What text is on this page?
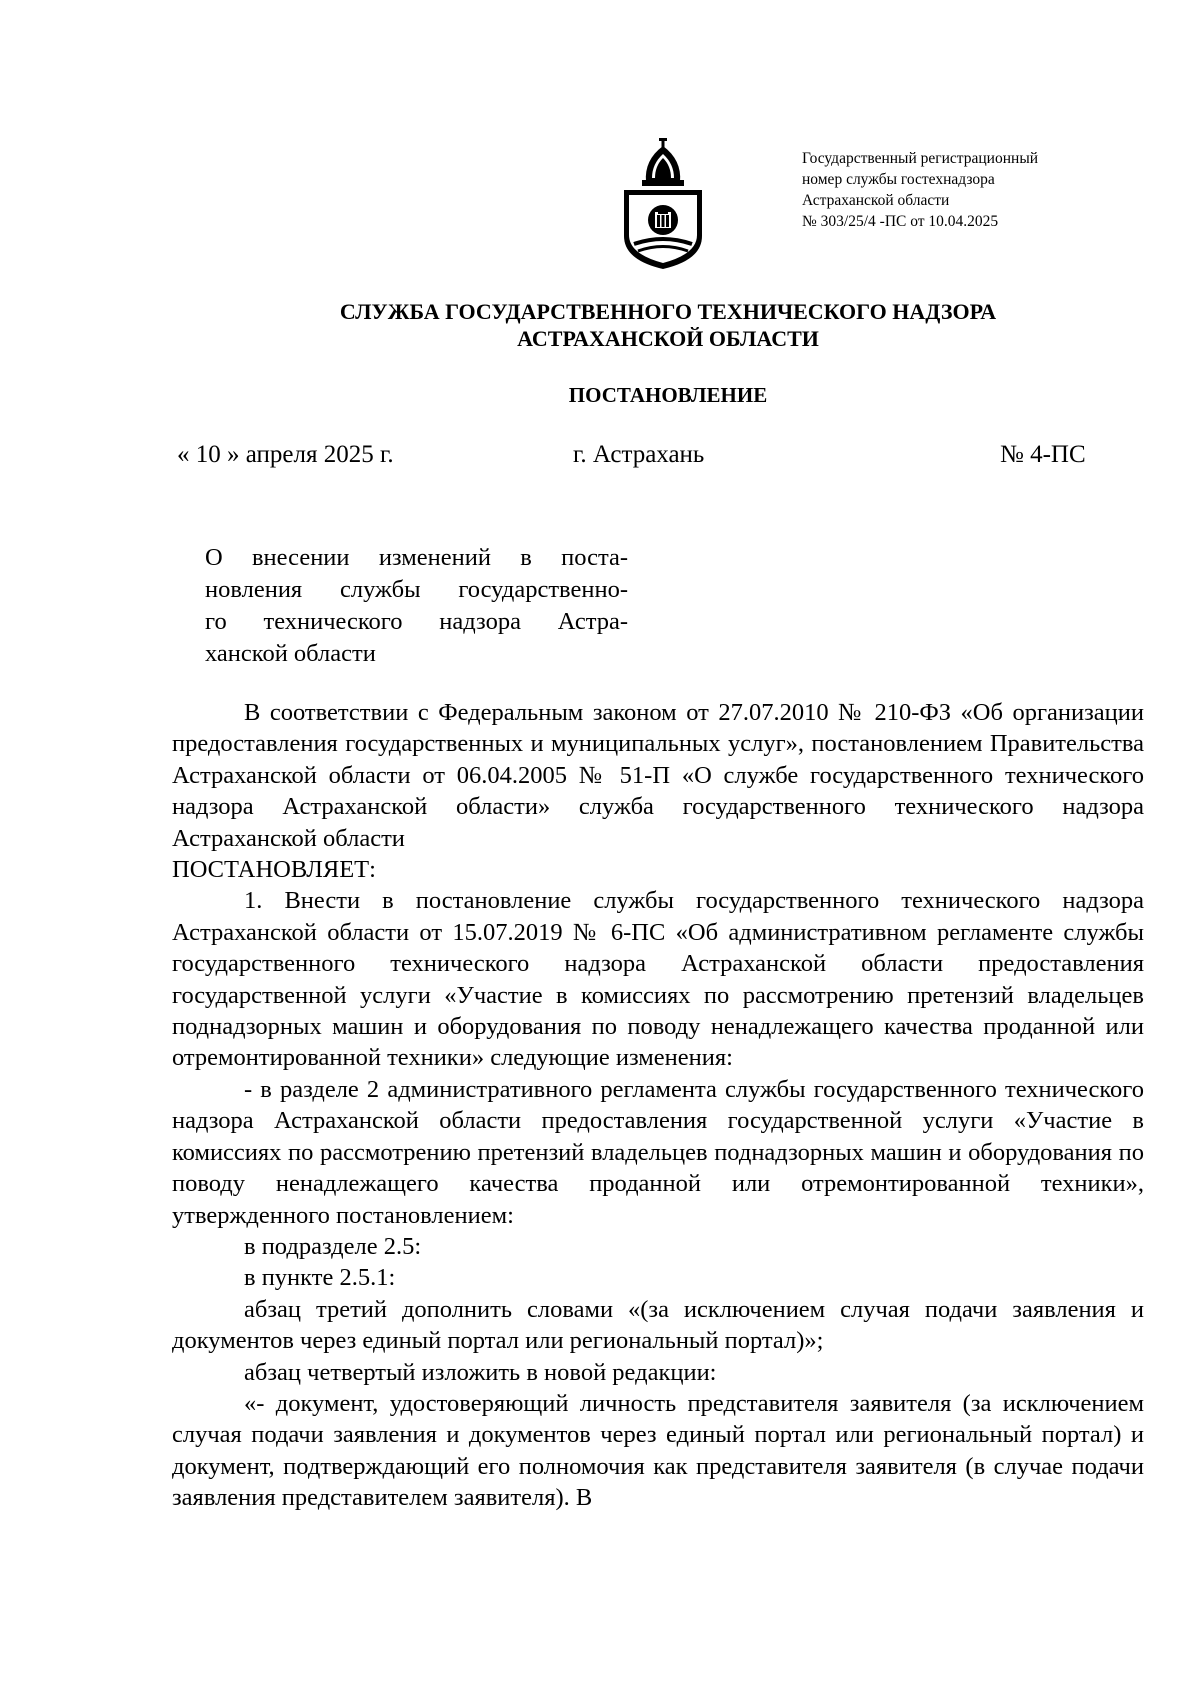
Государственный регистрационный
номер службы гостехнадзора
Астраханской области
№ 303/25/4 -ПС от 10.04.2025
СЛУЖБА ГОСУДАРСТВЕННОГО ТЕХНИЧЕСКОГО НАДЗОРА
АСТРАХАНСКОЙ ОБЛАСТИ
ПОСТАНОВЛЕНИЕ
« 10 » апреля 2025 г.	г. Астрахань	№ 4-ПС
О внесении изменений в поста-
новления службы государственно-
го технического надзора Астра-
ханской области
В соответствии с Федеральным законом от 27.07.2010 № 210-ФЗ «Об организации предоставления государственных и муниципальных услуг», постановлением Правительства Астраханской области от 06.04.2005 № 51-П «О службе государственного технического надзора Астраханской области» служба государственного технического надзора Астраханской области
ПОСТАНОВЛЯЕТ:
1. Внести в постановление службы государственного технического надзора Астраханской области от 15.07.2019 № 6-ПС «Об административном регламенте службы государственного технического надзора Астраханской области предоставления государственной услуги «Участие в комиссиях по рассмотрению претензий владельцев поднадзорных машин и оборудования по поводу ненадлежащего качества проданной или отремонтированной техники» следующие изменения:
- в разделе 2 административного регламента службы государственного технического надзора Астраханской области предоставления государственной услуги «Участие в комиссиях по рассмотрению претензий владельцев поднадзорных машин и оборудования по поводу ненадлежащего качества проданной или отремонтированной техники», утвержденного постановлением:
в подразделе 2.5:
в пункте 2.5.1:
абзац третий дополнить словами «(за исключением случая подачи заявления и документов через единый портал или региональный портал)»;
абзац четвертый изложить в новой редакции:
«- документ, удостоверяющий личность представителя заявителя (за исключением случая подачи заявления и документов через единый портал или региональный портал) и документ, подтверждающий его полномочия как представителя заявителя (в случае подачи заявления представителем заявителя). В
